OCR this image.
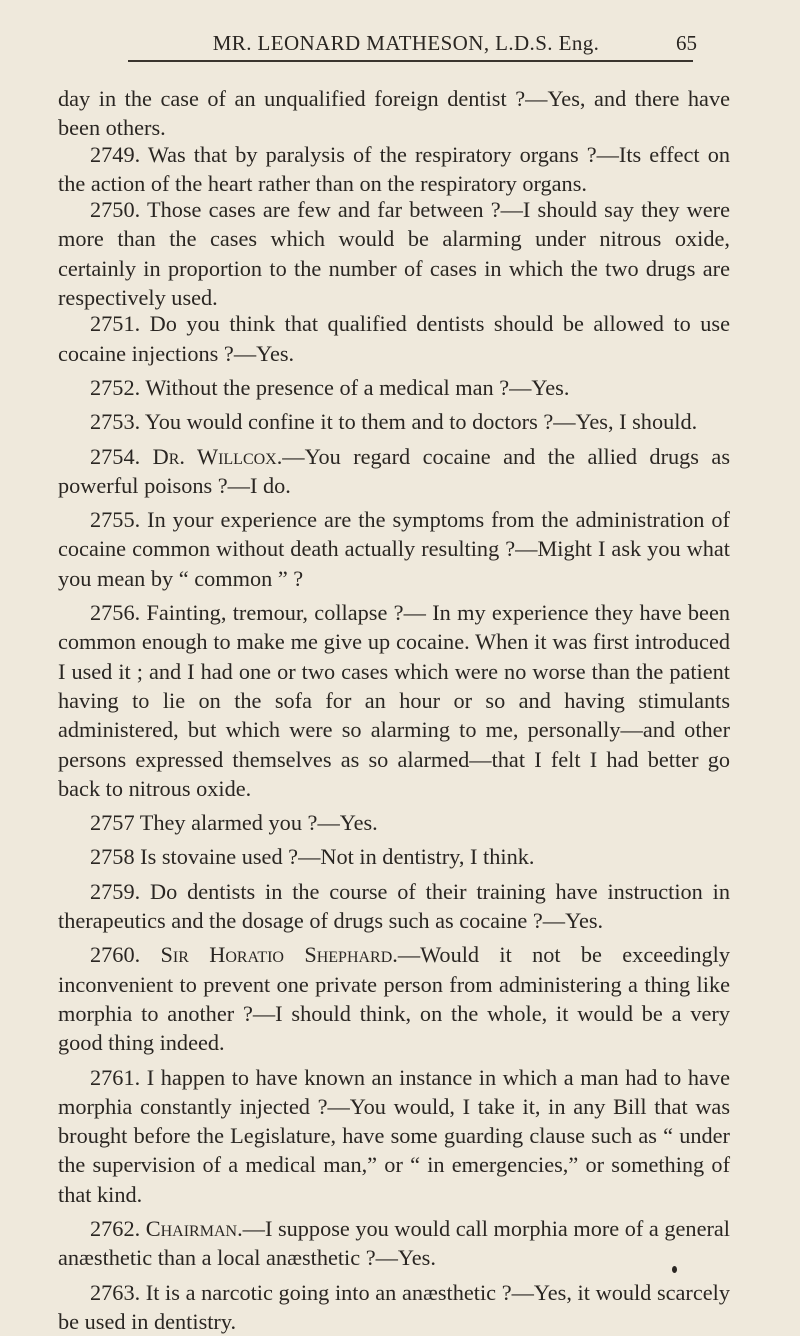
MR. LEONARD MATHESON, L.D.S. Eng.	65

day in the case of an unqualified foreign dentist ?—Yes, and there have been others.

2749. Was that by paralysis of the respiratory organs ?—Its effect on the action of the heart rather than on the respiratory organs.

2750. Those cases are few and far between ?—I should say they were more than the cases which would be alarming under nitrous oxide, certainly in proportion to the number of cases in which the two drugs are respectively used.

2751. Do you think that qualified dentists should be allowed to use cocaine injections ?—Yes.

2752. Without the presence of a medical man ?—Yes.

2753. You would confine it to them and to doctors ?—Yes, I should.

2754. Dr. Willcox.—You regard cocaine and the allied drugs as powerful poisons ?—I do.

2755. In your experience are the symptoms from the administration of cocaine common without death actually resulting ?—Might I ask you what you mean by “ common ” ?

2756. Fainting, tremour, collapse ?— In my experience they have been common enough to make me give up cocaine. When it was first introduced I used it ; and I had one or two cases which were no worse than the patient having to lie on the sofa for an hour or so and having stimulants administered, but which were so alarming to me, personally—and other persons expressed themselves as so alarmed—that I felt I had better go back to nitrous oxide.

2757 They alarmed you ?—Yes.

2758 Is stovaine used ?—Not in dentistry, I think.

2759. Do dentists in the course of their training have instruction in therapeutics and the dosage of drugs such as cocaine ?—Yes.

2760. Sir Horatio Shephard.—Would it not be exceedingly inconvenient to prevent one private person from administering a thing like morphia to another ?—I should think, on the whole, it would be a very good thing indeed.

2761. I happen to have known an instance in which a man had to have morphia constantly injected ?—You would, I take it, in any Bill that was brought before the Legislature, have some guarding clause such as “ under the supervision of a medical man,” or “ in emergencies,” or something of that kind.

2762. Chairman.—I suppose you would call morphia more of a general anæsthetic than a local anæsthetic ?—Yes.

2763. It is a narcotic going into an anæsthetic ?—Yes, it would scarcely be used in dentistry.
